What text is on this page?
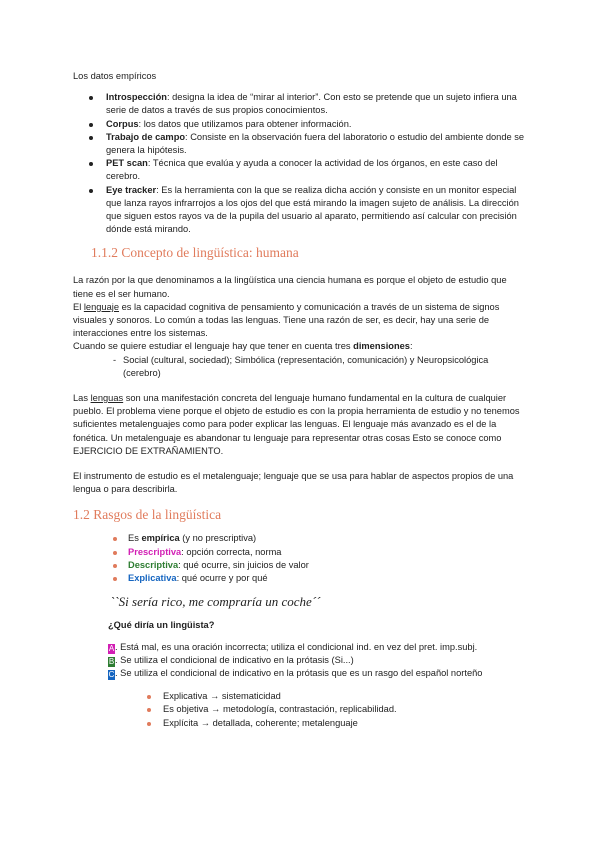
Los datos empíricos

Introspección: designa la idea de “mirar al interior”. Con esto se pretende que un sujeto infiera una serie de datos a través de sus propios conocimientos.
Corpus: los datos que utilizamos para obtener información.
Trabajo de campo: Consiste en la observación fuera del laboratorio o estudio del ambiente donde se genera la hipótesis.
PET scan: Técnica que evalúa y ayuda a conocer la actividad de los órganos, en este caso del cerebro.
Eye tracker: Es la herramienta con la que se realiza dicha acción y consiste en un monitor especial que lanza rayos infrarrojos a los ojos del que está mirando la imagen sujeto de análisis. La dirección que siguen estos rayos va de la pupila del usuario al aparato, permitiendo así calcular con precisión dónde está mirando.

1.1.2 Concepto de lingüística: humana

La razón por la que denominamos a la lingüística una ciencia humana es porque el objeto de estudio que tiene es el ser humano.

El lenguaje es la capacidad cognitiva de pensamiento y comunicación a través de un sistema de signos visuales y sonoros. Lo común a todas las lenguas. Tiene una razón de ser, es decir, hay una serie de interacciones entre los sistemas.

Cuando se quiere estudiar el lenguaje hay que tener en cuenta tres dimensiones:

- Social (cultural, sociedad); Simbólica (representación, comunicación) y Neuropsicológica (cerebro)

Las lenguas son una manifestación concreta del lenguaje humano fundamental en la cultura de cualquier pueblo. El problema viene porque el objeto de estudio es con la propia herramienta de estudio y no tenemos suficientes metalenguajes como para poder explicar las lenguas. El lenguaje más avanzado es el de la fonética. Un metalenguaje es abandonar tu lenguaje para representar otras cosas Esto se conoce como EJERCICIO DE EXTRAÑAMIENTO.

El instrumento de estudio es el metalenguaje; lenguaje que se usa para hablar de aspectos propios de una lengua o para describirla.

1.2 Rasgos de la lingüística

Es empírica (y no prescriptiva)
Prescriptiva: opción correcta, norma
Descriptiva: qué ocurre, sin juicios de valor
Explicativa: qué ocurre y por qué

``Si sería rico, me compraría un coche´´

¿Qué diría un lingüista?

A. Está mal, es una oración incorrecta; utiliza el condicional ind. en vez del pret. imp.subj.

B. Se utiliza el condicional de indicativo en la prótasis (Si...)

C. Se utiliza el condicional de indicativo en la prótasis que es un rasgo del español norteño

Explicativa → sistematicidad
Es objetiva → metodología, contrastación, replicabilidad.
Explícita → detallada, coherente; metalenguaje
